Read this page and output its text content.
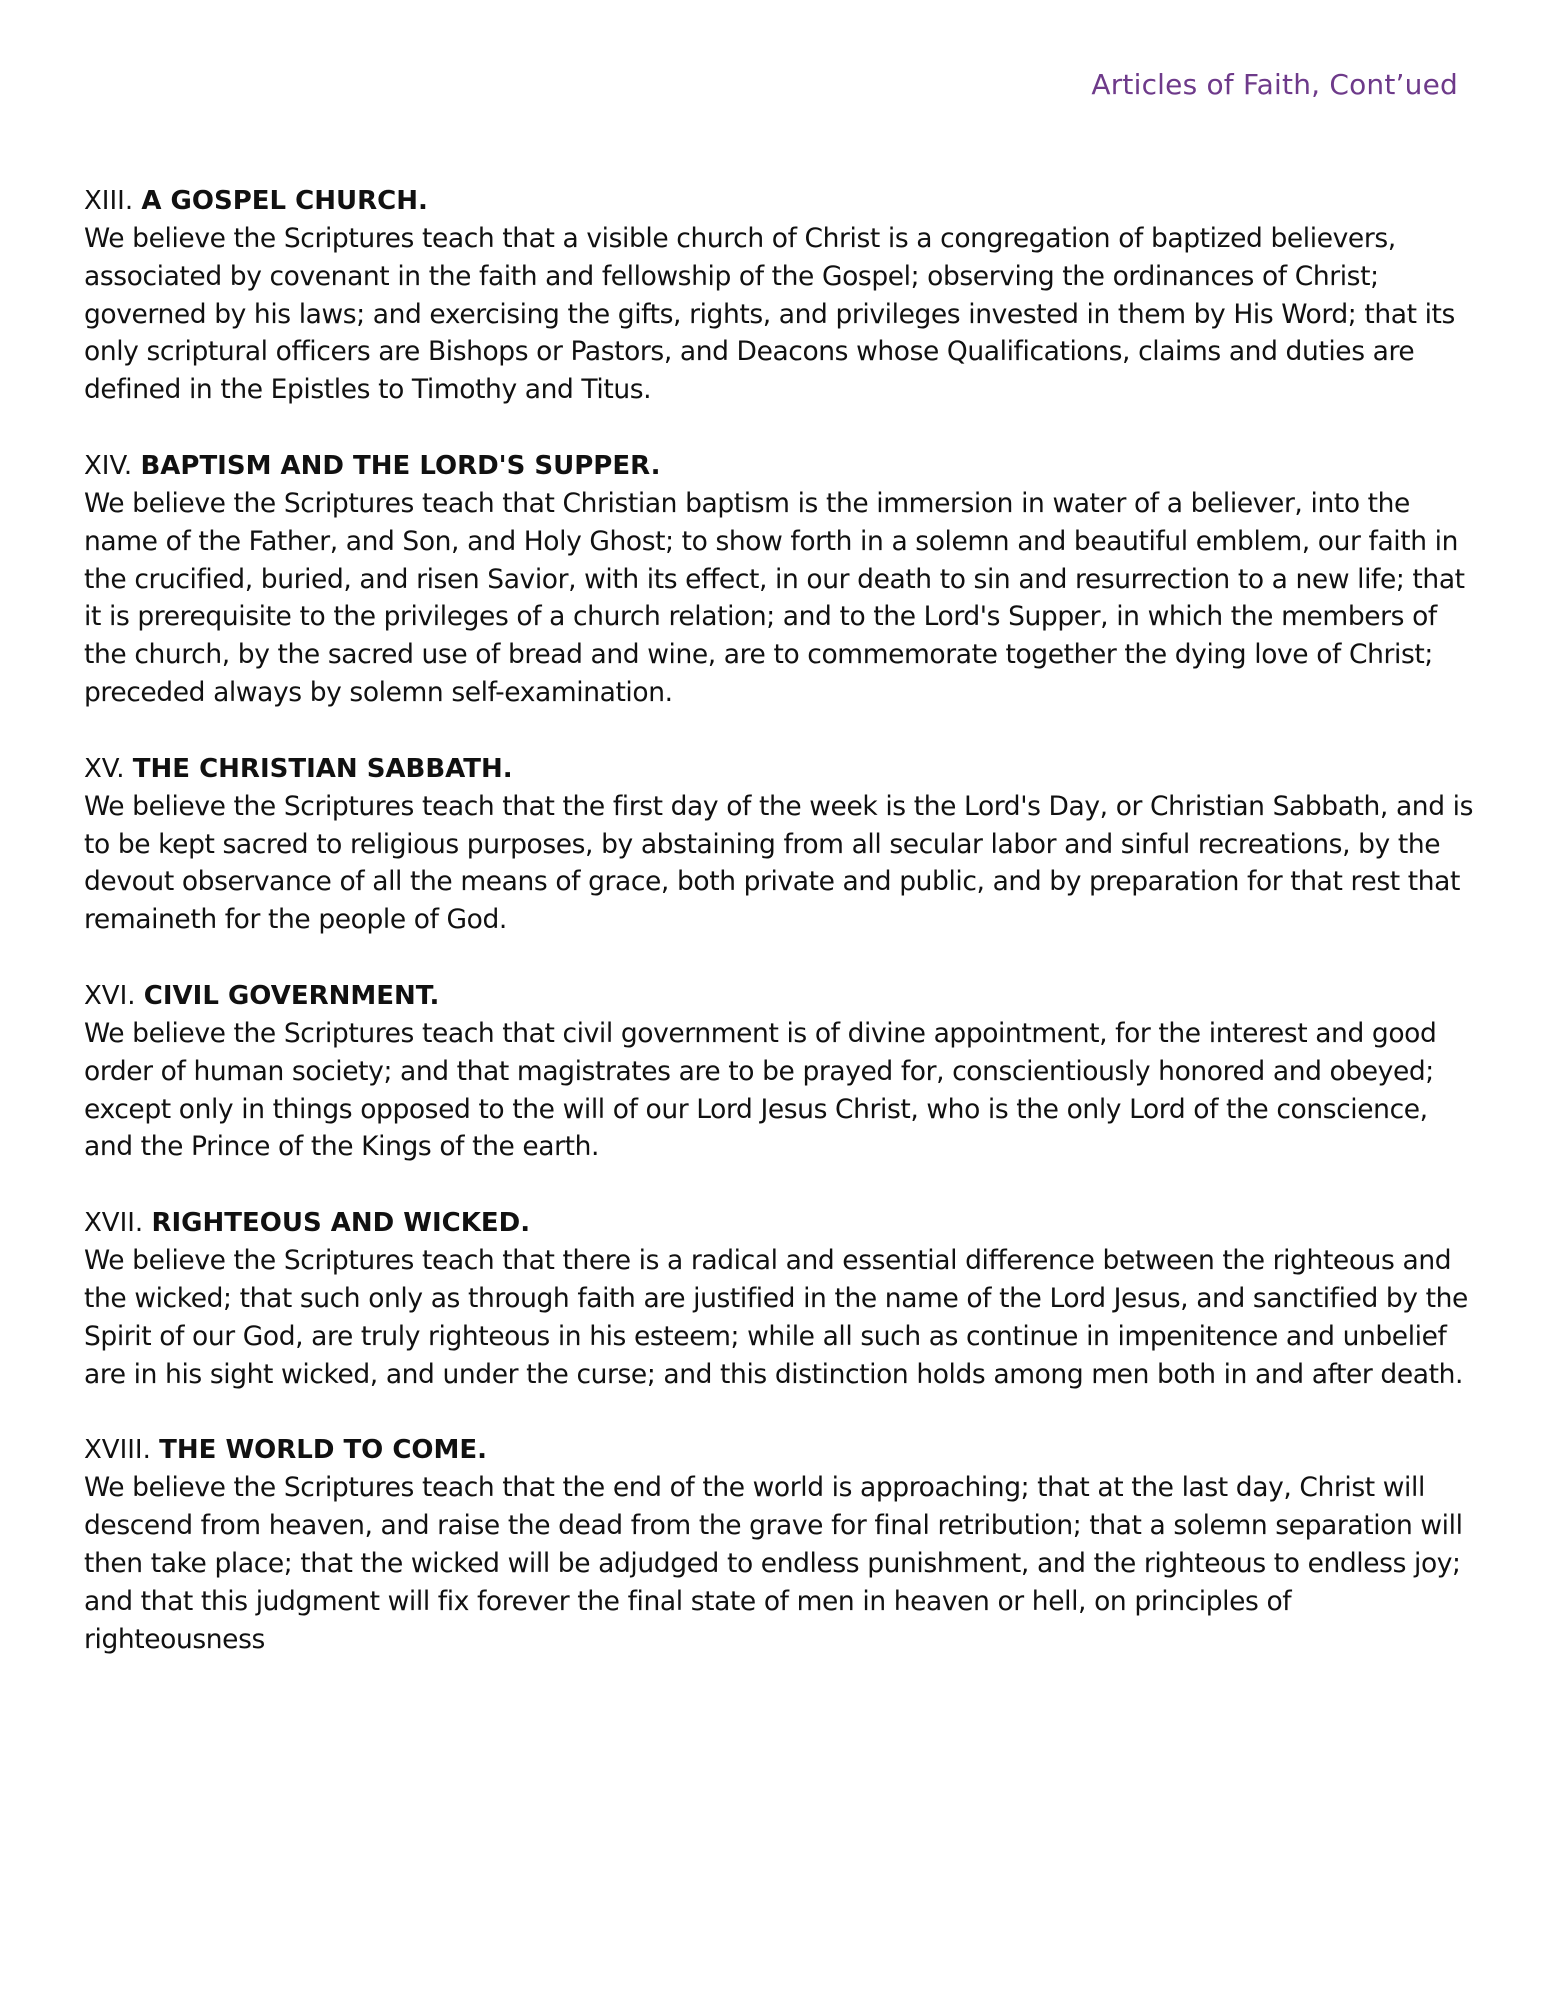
Articles of Faith, Cont’ued
XIII. A GOSPEL CHURCH.
We believe the Scriptures teach that a visible church of Christ is a congregation of baptized believers, associated by covenant in the faith and fellowship of the Gospel; observing the ordinances of Christ; governed by his laws; and exercising the gifts, rights, and privileges invested in them by His Word; that its only scriptural officers are Bishops or Pastors, and Deacons whose Qualifications, claims and duties are defined in the Epistles to Timothy and Titus.
XIV. BAPTISM AND THE LORD'S SUPPER.
We believe the Scriptures teach that Christian baptism is the immersion in water of a believer, into the name of the Father, and Son, and Holy Ghost; to show forth in a solemn and beautiful emblem, our faith in the crucified, buried, and risen Savior, with its effect, in our death to sin and resurrection to a new life; that it is prerequisite to the privileges of a church relation; and to the Lord's Supper, in which the members of the church, by the sacred use of bread and wine, are to commemorate together the dying love of Christ; preceded always by solemn self-examination.
XV. THE CHRISTIAN SABBATH.
We believe the Scriptures teach that the first day of the week is the Lord's Day, or Christian Sabbath, and is to be kept sacred to religious purposes, by abstaining from all secular labor and sinful recreations, by the devout observance of all the means of grace, both private and public, and by preparation for that rest that remaineth for the people of God.
XVI. CIVIL GOVERNMENT.
We believe the Scriptures teach that civil government is of divine appointment, for the interest and good order of human society; and that magistrates are to be prayed for, conscientiously honored and obeyed; except only in things opposed to the will of our Lord Jesus Christ, who is the only Lord of the conscience, and the Prince of the Kings of the earth.
XVII. RIGHTEOUS AND WICKED.
We believe the Scriptures teach that there is a radical and essential difference between the righteous and the wicked; that such only as through faith are justified in the name of the Lord Jesus, and sanctified by the Spirit of our God, are truly righteous in his esteem; while all such as continue in impenitence and unbelief are in his sight wicked, and under the curse; and this distinction holds among men both in and after death.
XVIII. THE WORLD TO COME.
We believe the Scriptures teach that the end of the world is approaching; that at the last day, Christ will descend from heaven, and raise the dead from the grave for final retribution; that a solemn separation will then take place; that the wicked will be adjudged to endless punishment, and the righteous to endless joy; and that this judgment will fix forever the final state of men in heaven or hell, on principles of righteousness
